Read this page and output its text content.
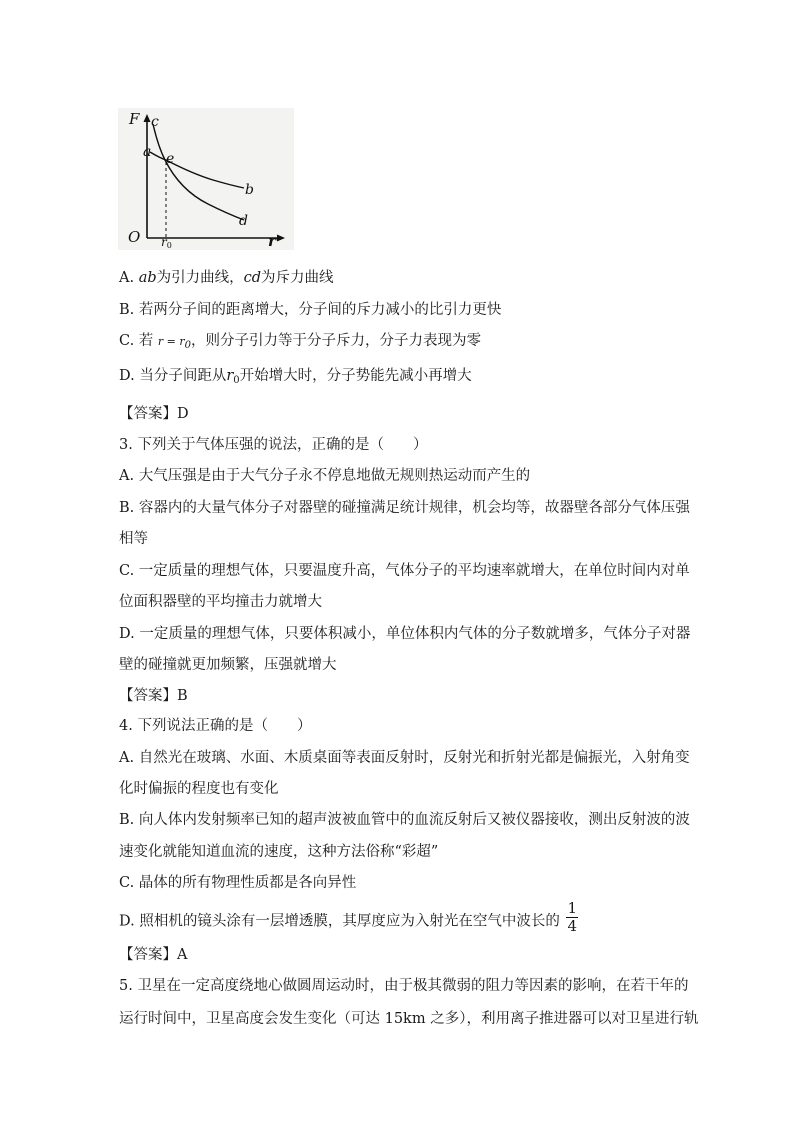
F c
a e
b
d
O	r
r0
A. ab为引力曲线，cd为斥力曲线
B. 若两分子间的距离增大，分子间的斥力减小的比引力更快
C. 若 r = r0，则分子引力等于分子斥力，分子力表现为零
D. 当分子间距从$r_0$开始增大时，分子势能先减小再增大
【答案】D
3. 下列关于气体压强的说法，正确的是（　　）
A. 大气压强是由于大气分子永不停息地做无规则热运动而产生的
B. 容器内的大量气体分子对器壁的碰撞满足统计规律，机会均等，故器壁各部分气体压强
相等
C. 一定质量的理想气体，只要温度升高，气体分子的平均速率就增大，在单位时间内对单
位面积器壁的平均撞击力就增大
D. 一定质量的理想气体，只要体积减小，单位体积内气体的分子数就增多，气体分子对器
壁的碰撞就更加频繁，压强就增大
【答案】B
4. 下列说法正确的是（　　）
A. 自然光在玻璃、水面、木质桌面等表面反射时，反射光和折射光都是偏振光，入射角变
化时偏振的程度也有变化
B. 向人体内发射频率已知的超声波被血管中的血流反射后又被仪器接收，测出反射波的波
速变化就能知道血流的速度，这种方法俗称“彩超”
C. 晶体的所有物理性质都是各向异性
D. 照相机的镜头涂有一层增透膜，其厚度应为入射光在空气中波长的 $\frac{1}{4}$
【答案】A
5. 卫星在一定高度绕地心做圆周运动时，由于极其微弱的阻力等因素的影响，在若干年的
运行时间中，卫星高度会发生变化（可达 15km 之多），利用离子推进器可以对卫星进行轨
